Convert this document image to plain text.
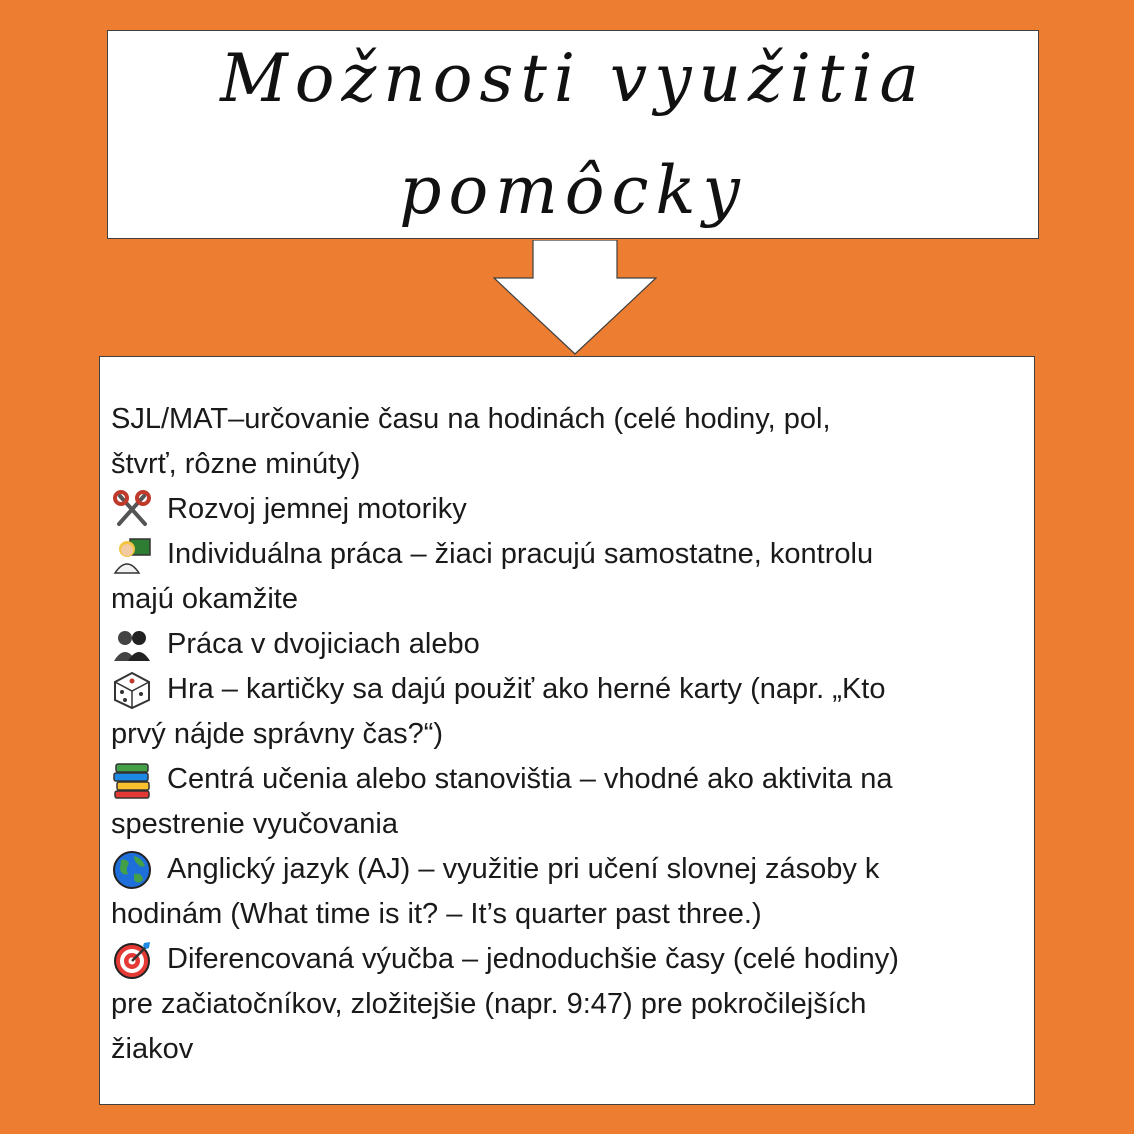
Možnosti využitia
pomôcky
SJL/MAT–určovanie času na hodinách (celé hodiny, pol,
štvrť, rôzne minúty)
Rozvoj jemnej motoriky
Individuálna práca – žiaci pracujú samostatne, kontrolu
majú okamžite
Práca v dvojiciach alebo
Hra – kartičky sa dajú použiť ako herné karty (napr. „Kto
prvý nájde správny čas?“)
Centrá učenia alebo stanovištia – vhodné ako aktivita na
spestrenie vyučovania
Anglický jazyk (AJ) – využitie pri učení slovnej zásoby k
hodinám (What time is it? – It’s quarter past three.)
Diferencovaná výučba – jednoduchšie časy (celé hodiny)
pre začiatočníkov, zložitejšie (napr. 9:47) pre pokročilejších
žiakov
